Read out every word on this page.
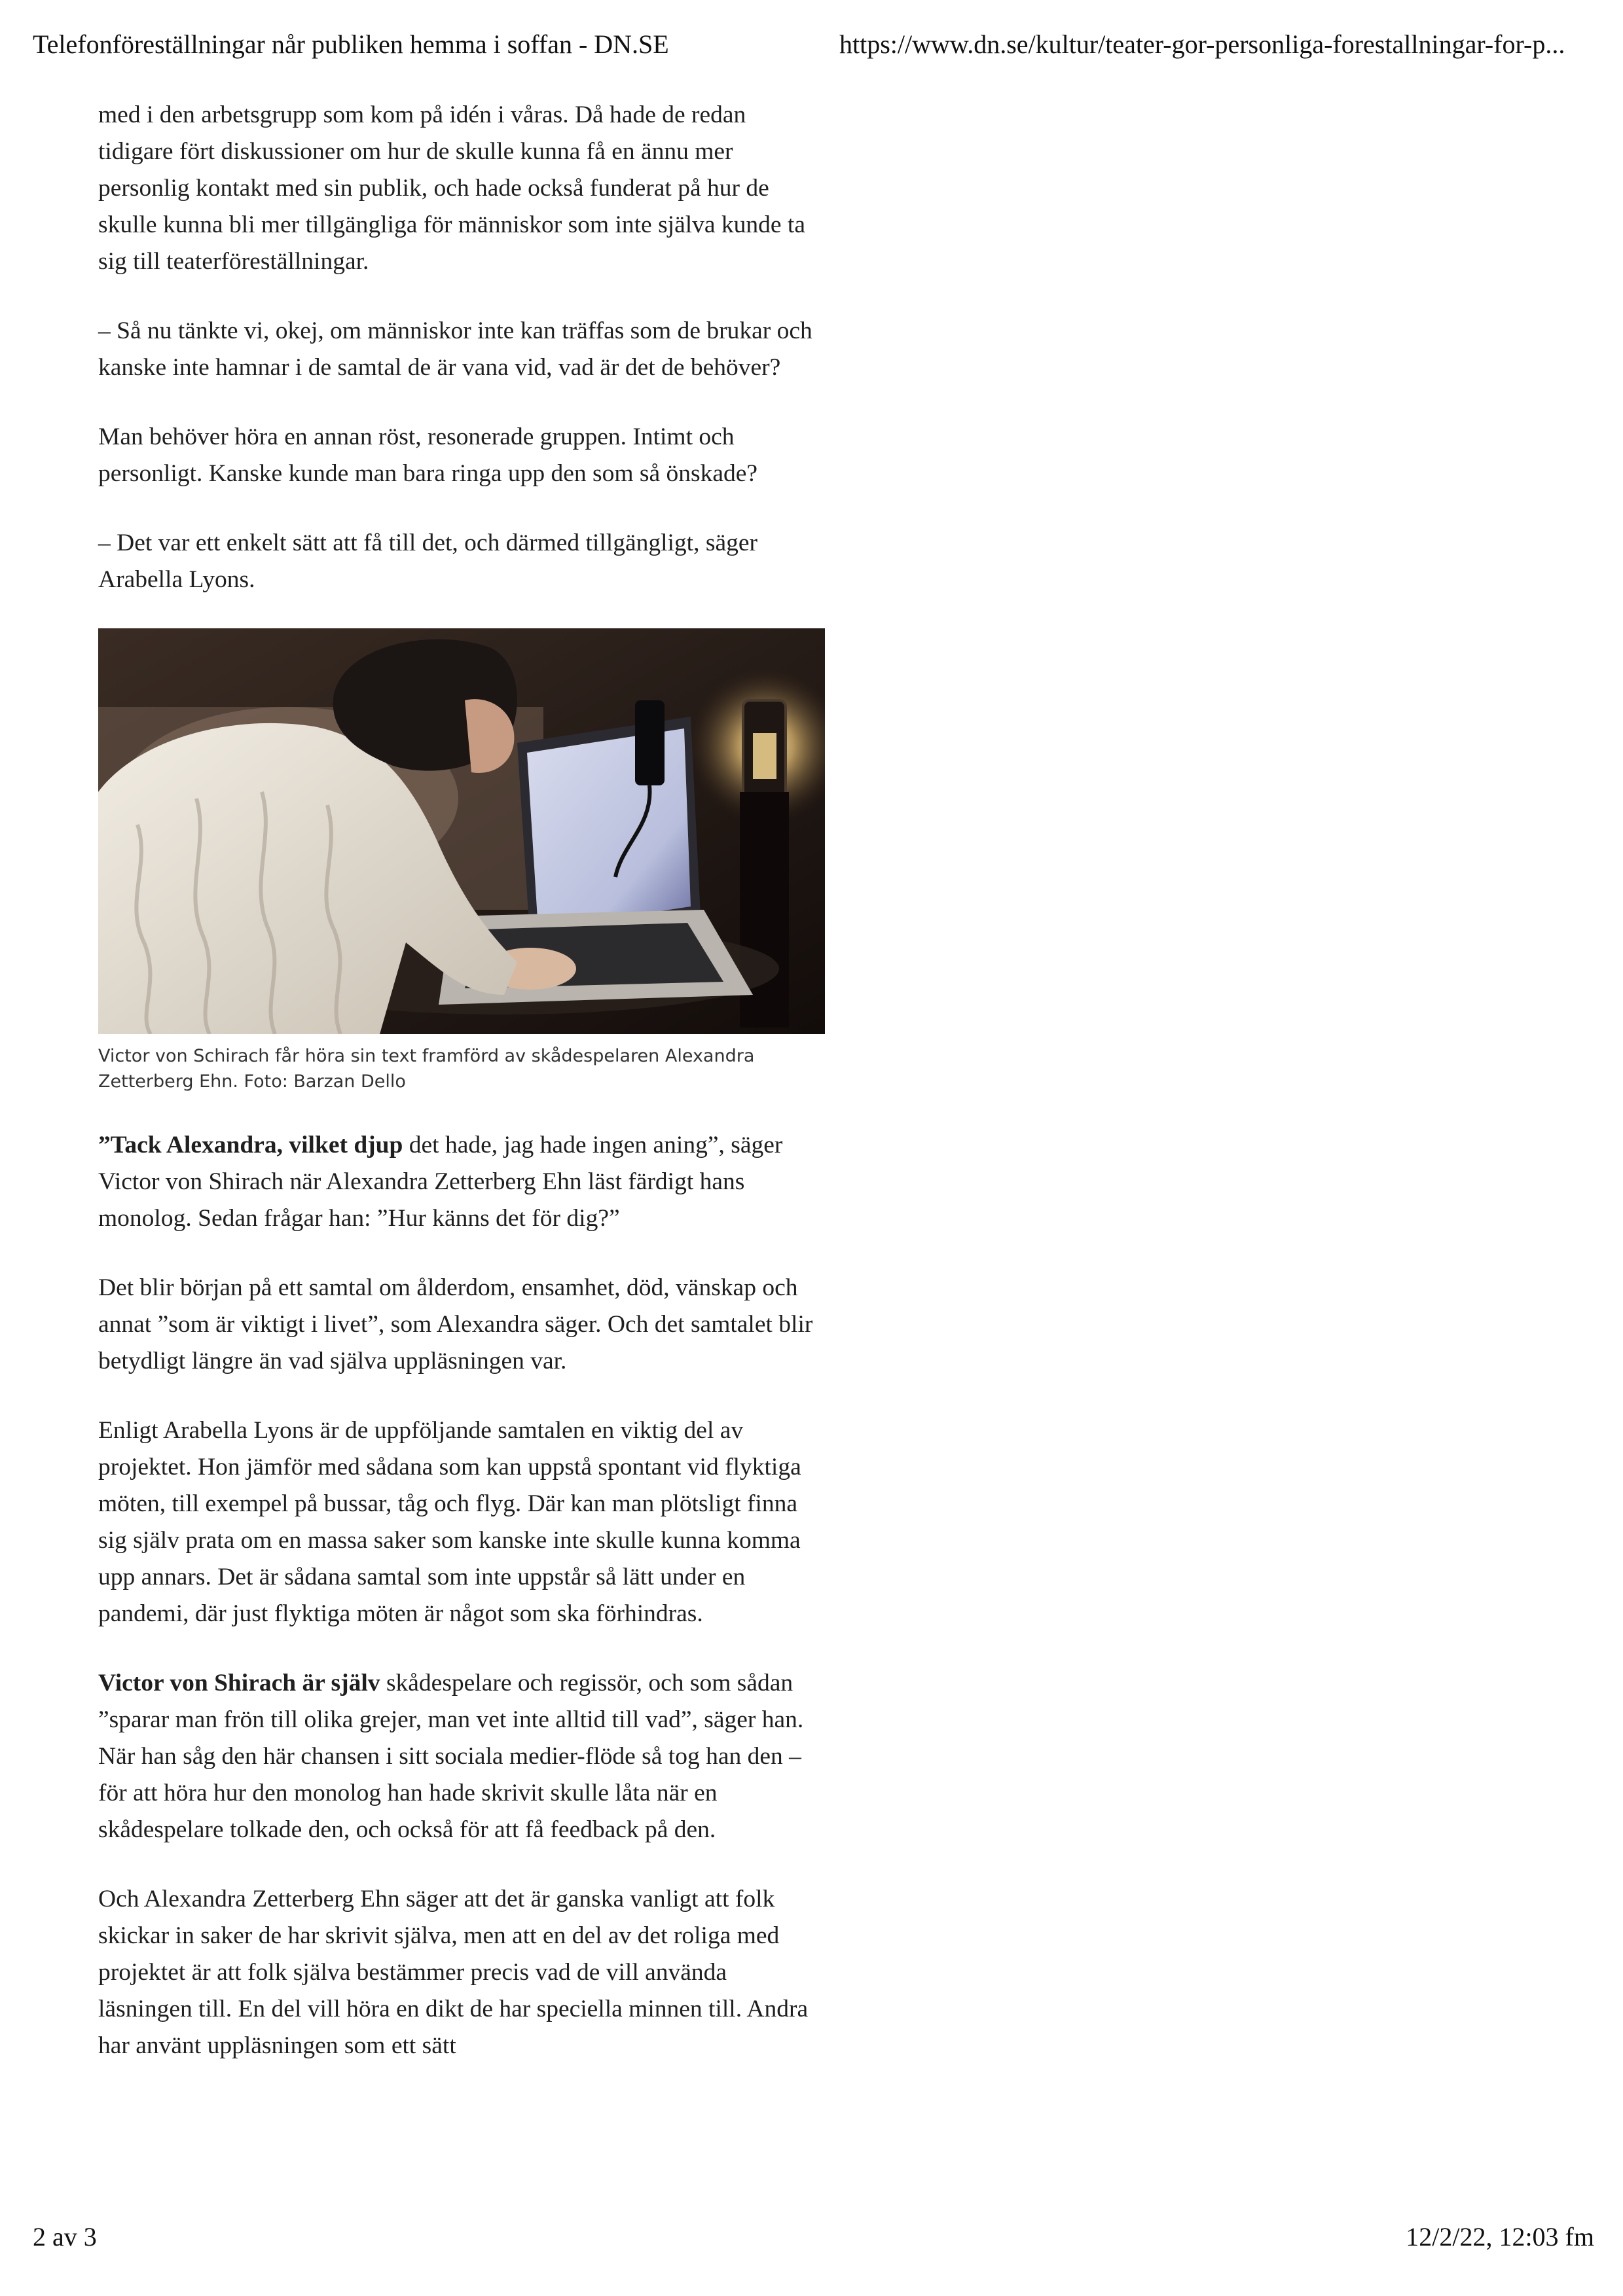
Telefonföreställningar når publiken hemma i soffan - DN.SE	https://www.dn.se/kultur/teater-gor-personliga-forestallningar-for-p...

med i den arbetsgrupp som kom på idén i våras. Då hade de redan tidigare fört diskussioner om hur de skulle kunna få en ännu mer personlig kontakt med sin publik, och hade också funderat på hur de skulle kunna bli mer tillgängliga för människor som inte själva kunde ta sig till teaterföreställningar.

– Så nu tänkte vi, okej, om människor inte kan träffas som de brukar och kanske inte hamnar i de samtal de är vana vid, vad är det de behöver?

Man behöver höra en annan röst, resonerade gruppen. Intimt och personligt. Kanske kunde man bara ringa upp den som så önskade?

– Det var ett enkelt sätt att få till det, och därmed tillgängligt, säger Arabella Lyons.

Victor von Schirach får höra sin text framförd av skådespelaren Alexandra Zetterberg Ehn. Foto: Barzan Dello

”Tack Alexandra, vilket djup det hade, jag hade ingen aning”, säger Victor von Shirach när Alexandra Zetterberg Ehn läst färdigt hans monolog. Sedan frågar han: ”Hur känns det för dig?”

Det blir början på ett samtal om ålderdom, ensamhet, död, vänskap och annat ”som är viktigt i livet”, som Alexandra säger. Och det samtalet blir betydligt längre än vad själva uppläsningen var.

Enligt Arabella Lyons är de uppföljande samtalen en viktig del av projektet. Hon jämför med sådana som kan uppstå spontant vid flyktiga möten, till exempel på bussar, tåg och flyg. Där kan man plötsligt finna sig själv prata om en massa saker som kanske inte skulle kunna komma upp annars. Det är sådana samtal som inte uppstår så lätt under en pandemi, där just flyktiga möten är något som ska förhindras.

Victor von Shirach är själv skådespelare och regissör, och som sådan ”sparar man frön till olika grejer, man vet inte alltid till vad”, säger han. När han såg den här chansen i sitt sociala medier-flöde så tog han den – för att höra hur den monolog han hade skrivit skulle låta när en skådespelare tolkade den, och också för att få feedback på den.

Och Alexandra Zetterberg Ehn säger att det är ganska vanligt att folk skickar in saker de har skrivit själva, men att en del av det roliga med projektet är att folk själva bestämmer precis vad de vill använda läsningen till. En del vill höra en dikt de har speciella minnen till. Andra har använt uppläsningen som ett sätt

2 av 3	12/2/22, 12:03 fm
